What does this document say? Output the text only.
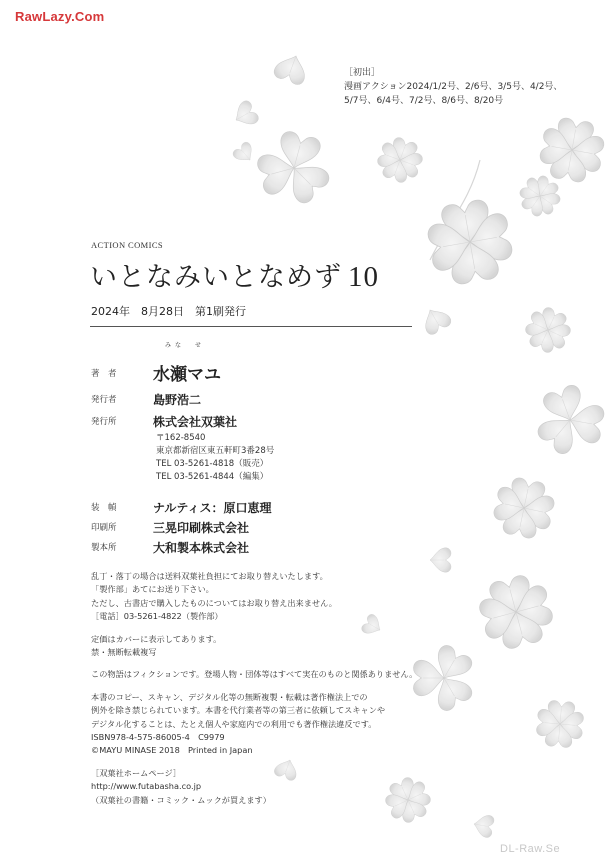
RawLazy.Com
［初出］
漫画アクション2024/1/2号、2/6号、3/5号、4/2号、
5/7号、6/4号、7/2号、8/6号、8/20号
ACTION COMICS
いとなみいとなめず 10
2024年　8月28日　第1刷発行
みな　せ
著　者 水瀬マユ
発行者	島野浩二
発行所	株式会社双葉社
〒162-8540
東京都新宿区東五軒町3番28号
TEL 03-5261-4818（販売）
TEL 03-5261-4844（編集）
装　幀	ナルティス：原口恵理
印刷所	三晃印刷株式会社
製本所	大和製本株式会社
乱丁・落丁の場合は送料双葉社負担にてお取り替えいたします。
「製作部」あてにお送り下さい。
ただし、古書店で購入したものについてはお取り替え出来ません。
［電話］03-5261-4822（製作部）
定価はカバーに表示してあります。
禁・無断転載複写
この物語はフィクションです。登場人物・団体等はすべて実在のものと関係ありません。
本書のコピー、スキャン、デジタル化等の無断複製・転載は著作権法上での
例外を除き禁じられています。本書を代行業者等の第三者に依頼してスキャンや
デジタル化することは、たとえ個人や家庭内での利用でも著作権法違反です。
ISBN978-4-575-86005-4　C9979
©MAYU MINASE 2018　Printed in Japan
［双葉社ホームページ］
http://www.futabasha.co.jp
（双葉社の書籍・コミック・ムックが買えます）
DL-Raw.Se
